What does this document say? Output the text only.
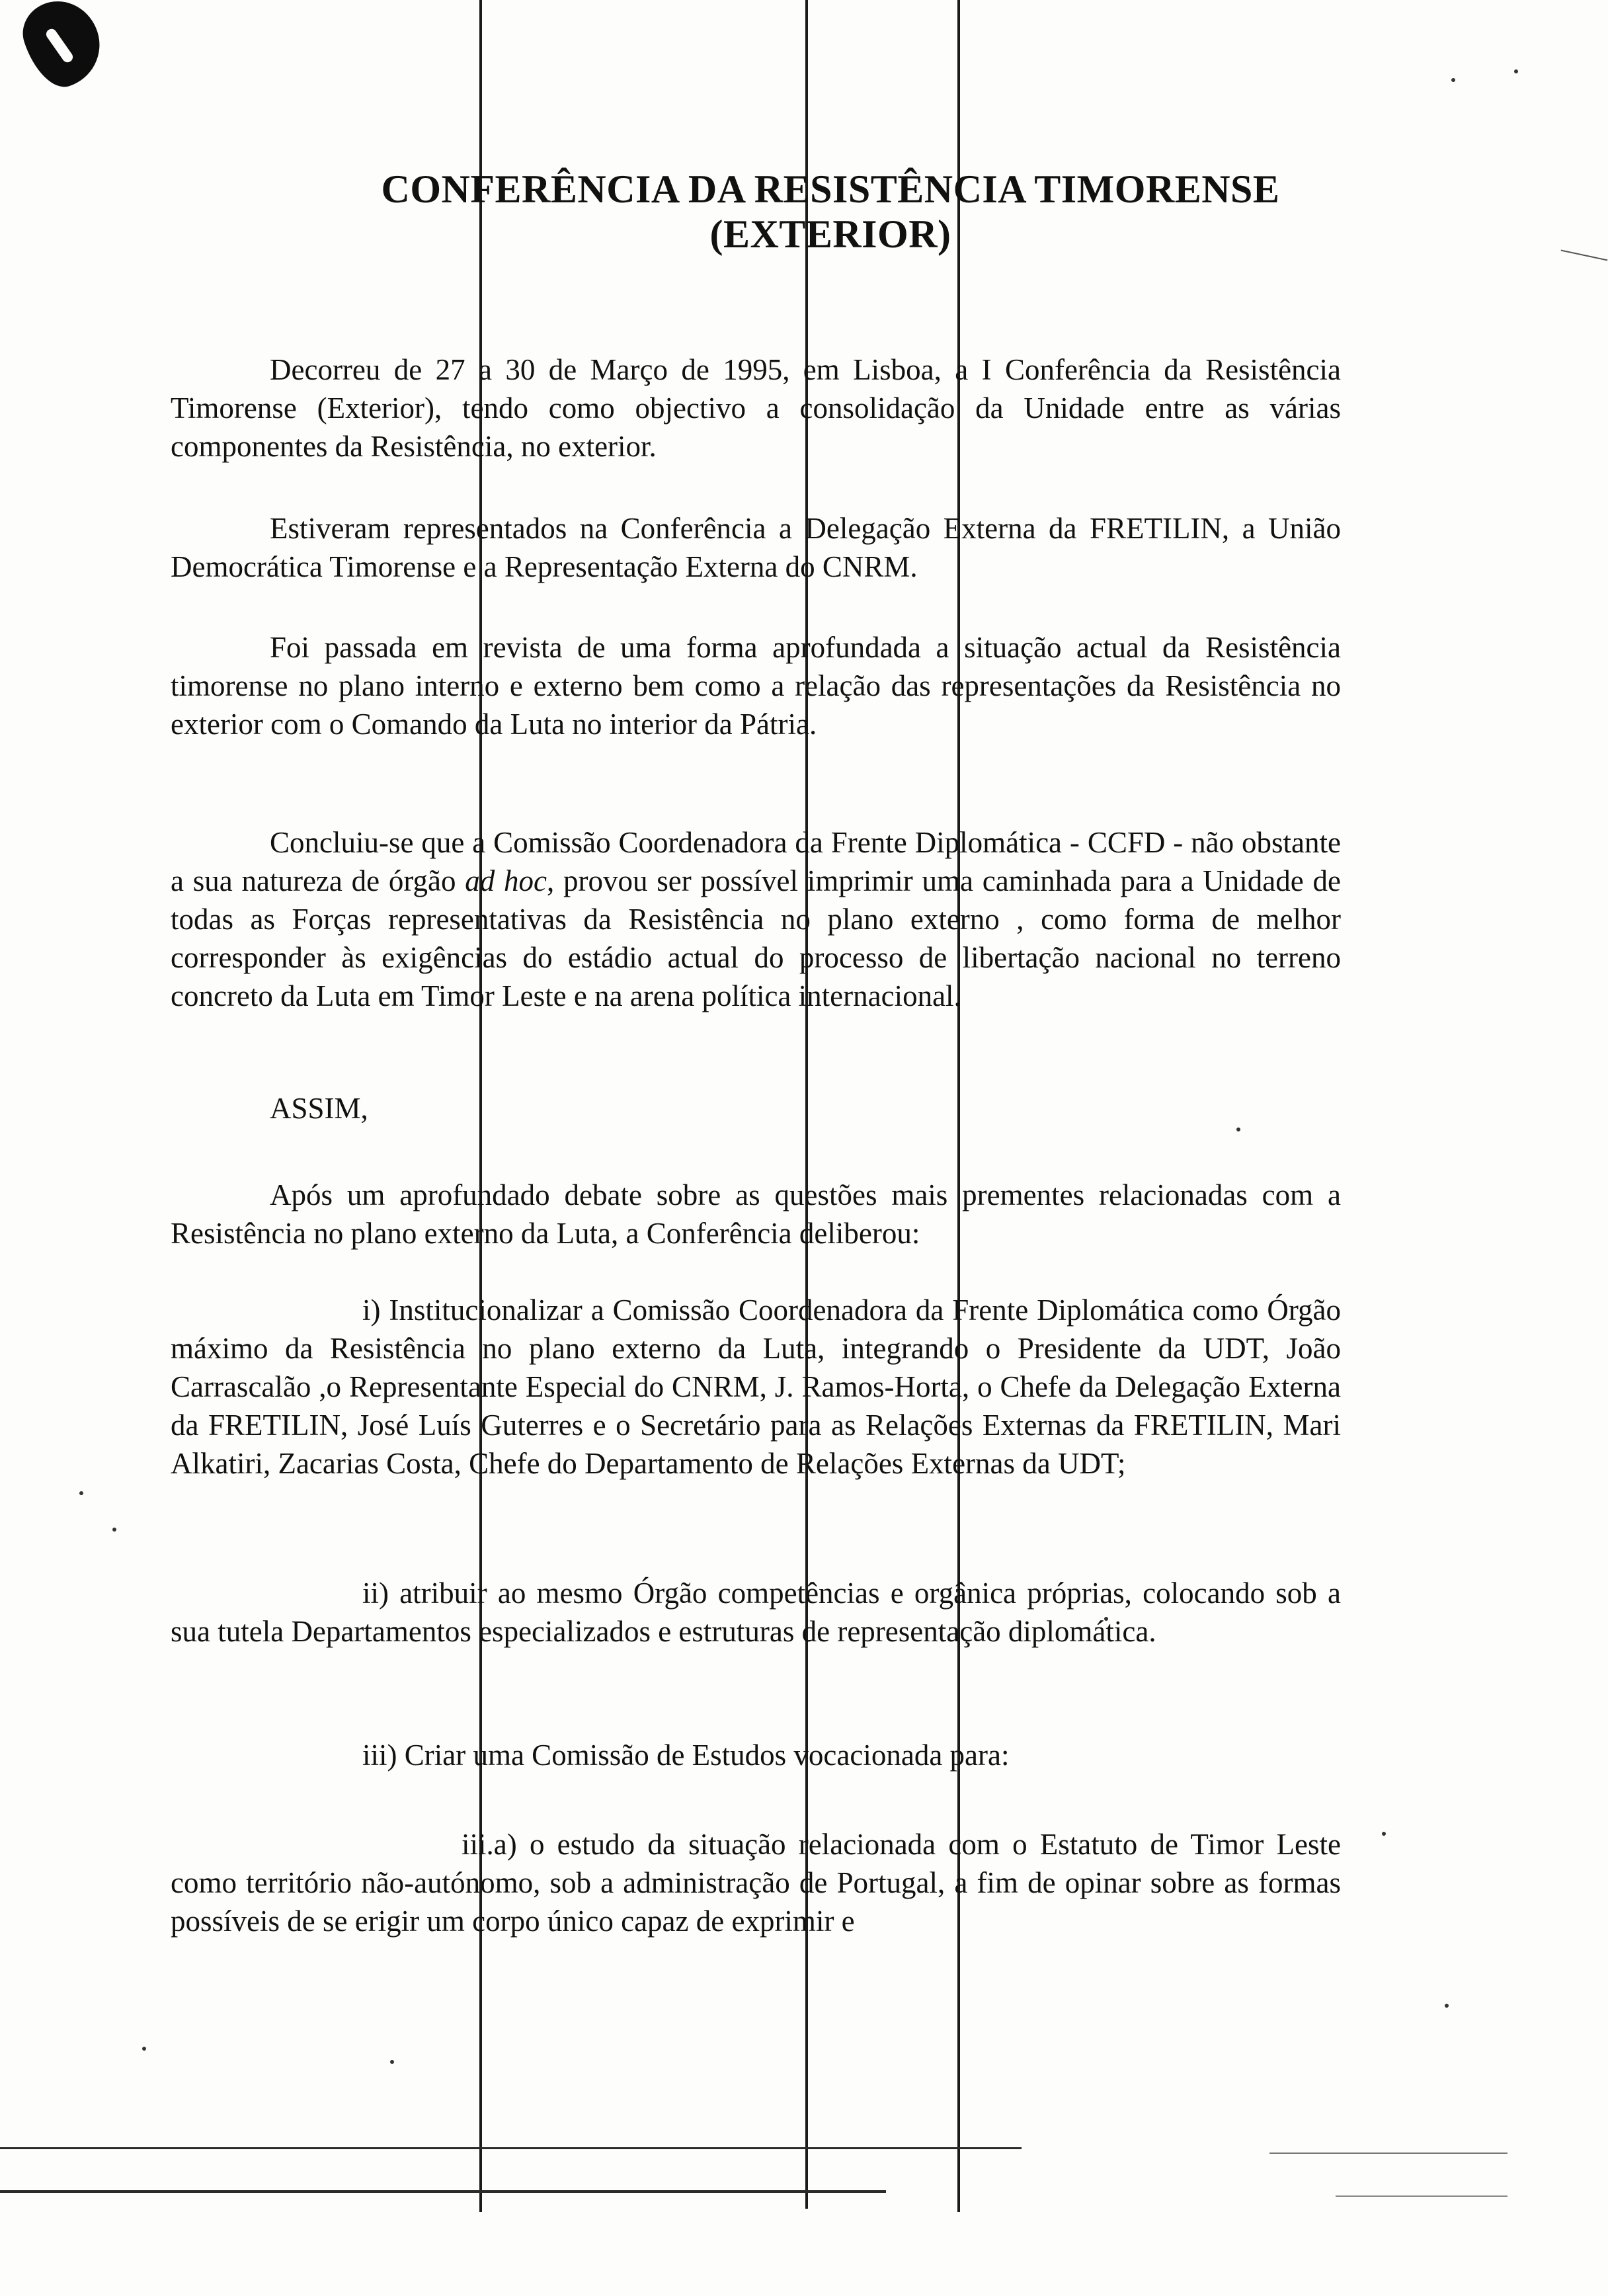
CONFERÊNCIA DA RESISTÊNCIA TIMORENSE
(EXTERIOR)

Decorreu de 27 a 30 de Março de 1995, em Lisboa, a I Conferência da Resistência Timorense (Exterior), tendo como objectivo a consolidação da Unidade entre as várias componentes da Resistência, no exterior.

Estiveram representados na Conferência a Delegação Externa da FRETILIN, a União Democrática Timorense e a Representação Externa do CNRM.

Foi passada em revista de uma forma aprofundada a situação actual da Resistência timorense no plano interno e externo bem como a relação das representações da Resistência no exterior com o Comando da Luta no interior da Pátria.

Concluiu-se que a Comissão Coordenadora da Frente Diplomática - CCFD - não obstante a sua natureza de órgão ad hoc, provou ser possível imprimir uma caminhada para a Unidade de todas as Forças representativas da Resistência no plano externo , como forma de melhor corresponder às exigências do estádio actual do processo de libertação nacional no terreno concreto da Luta em Timor Leste e na arena política internacional.

ASSIM,

Após um aprofundado debate sobre as questões mais prementes relacionadas com a Resistência no plano externo da Luta, a Conferência deliberou:

i) Institucionalizar a Comissão Coordenadora da Frente Diplomática como Órgão máximo da Resistência no plano externo da Luta, integrando o Presidente da UDT, João Carrascalão ,o Representante Especial do CNRM, J. Ramos-Horta, o Chefe da Delegação Externa da FRETILIN, José Luís Guterres e o Secretário para as Relações Externas da FRETILIN, Mari Alkatiri, Zacarias Costa, Chefe do Departamento de Relações Externas da UDT;

ii) atribuir ao mesmo Órgão competências e orgânica próprias, colocando sob a sua tutela Departamentos especializados e estruturas de representação diplomática.

iii) Criar uma Comissão de Estudos vocacionada para:

iii.a) o estudo da situação relacionada com o Estatuto de Timor Leste como território não-autónomo, sob a administração de Portugal, a fim de opinar sobre as formas possíveis de se erigir um corpo único capaz de exprimir e
